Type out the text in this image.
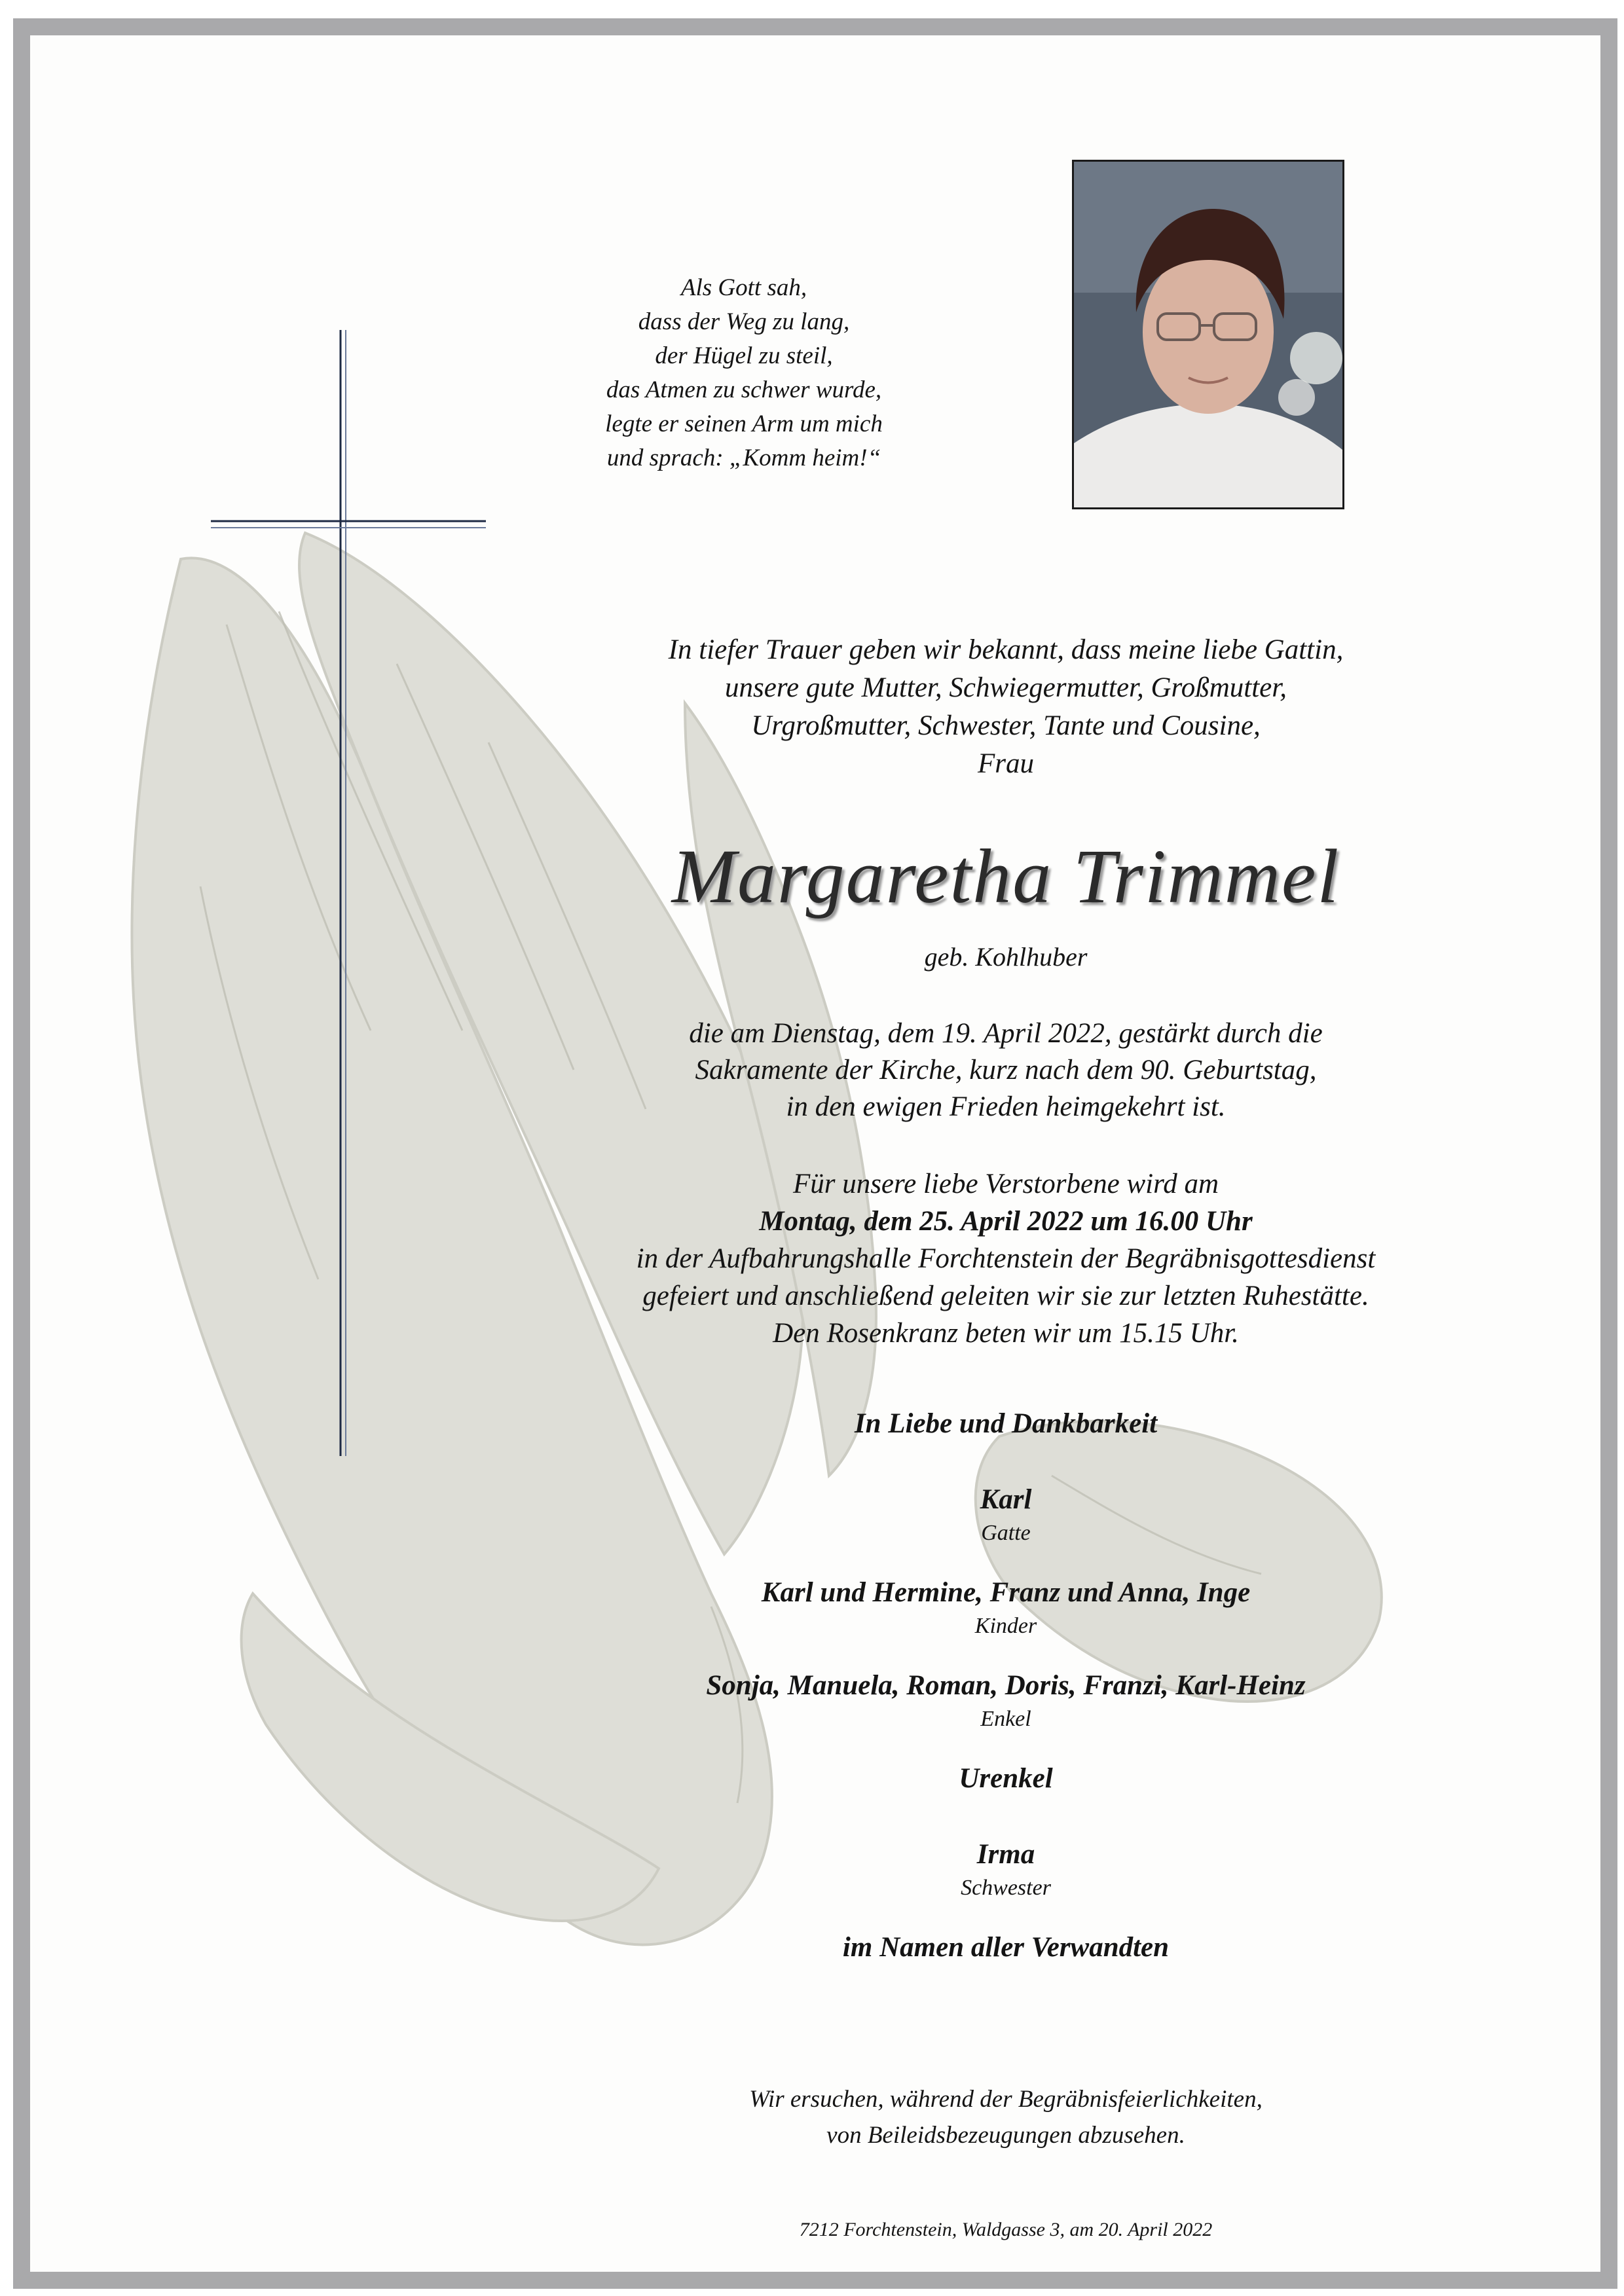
Als Gott sah,
dass der Weg zu lang,
der Hügel zu steil,
das Atmen zu schwer wurde,
legte er seinen Arm um mich
und sprach: „Komm heim!“
In tiefer Trauer geben wir bekannt, dass meine liebe Gattin,
unsere gute Mutter, Schwiegermutter, Großmutter,
Urgroßmutter, Schwester, Tante und Cousine,
Frau
Margaretha Trimmel
geb. Kohlhuber
die am Dienstag, dem 19. April 2022, gestärkt durch die
Sakramente der Kirche, kurz nach dem 90. Geburtstag,
in den ewigen Frieden heimgekehrt ist.
Für unsere liebe Verstorbene wird am
Montag, dem 25. April 2022 um 16.00 Uhr
in der Aufbahrungshalle Forchtenstein der Begräbnisgottesdienst
gefeiert und anschließend geleiten wir sie zur letzten Ruhestätte.
Den Rosenkranz beten wir um 15.15 Uhr.
In Liebe und Dankbarkeit
Karl
Gatte
Karl und Hermine, Franz und Anna, Inge
Kinder
Sonja, Manuela, Roman, Doris, Franzi, Karl-Heinz
Enkel
Urenkel
Irma
Schwester
im Namen aller Verwandten
Wir ersuchen, während der Begräbnisfeierlichkeiten,
von Beileidsbezeugungen abzusehen.
7212 Forchtenstein, Waldgasse 3, am 20. April 2022
Bestattung Pauschenwein, Wiesen - 0664/4041375
